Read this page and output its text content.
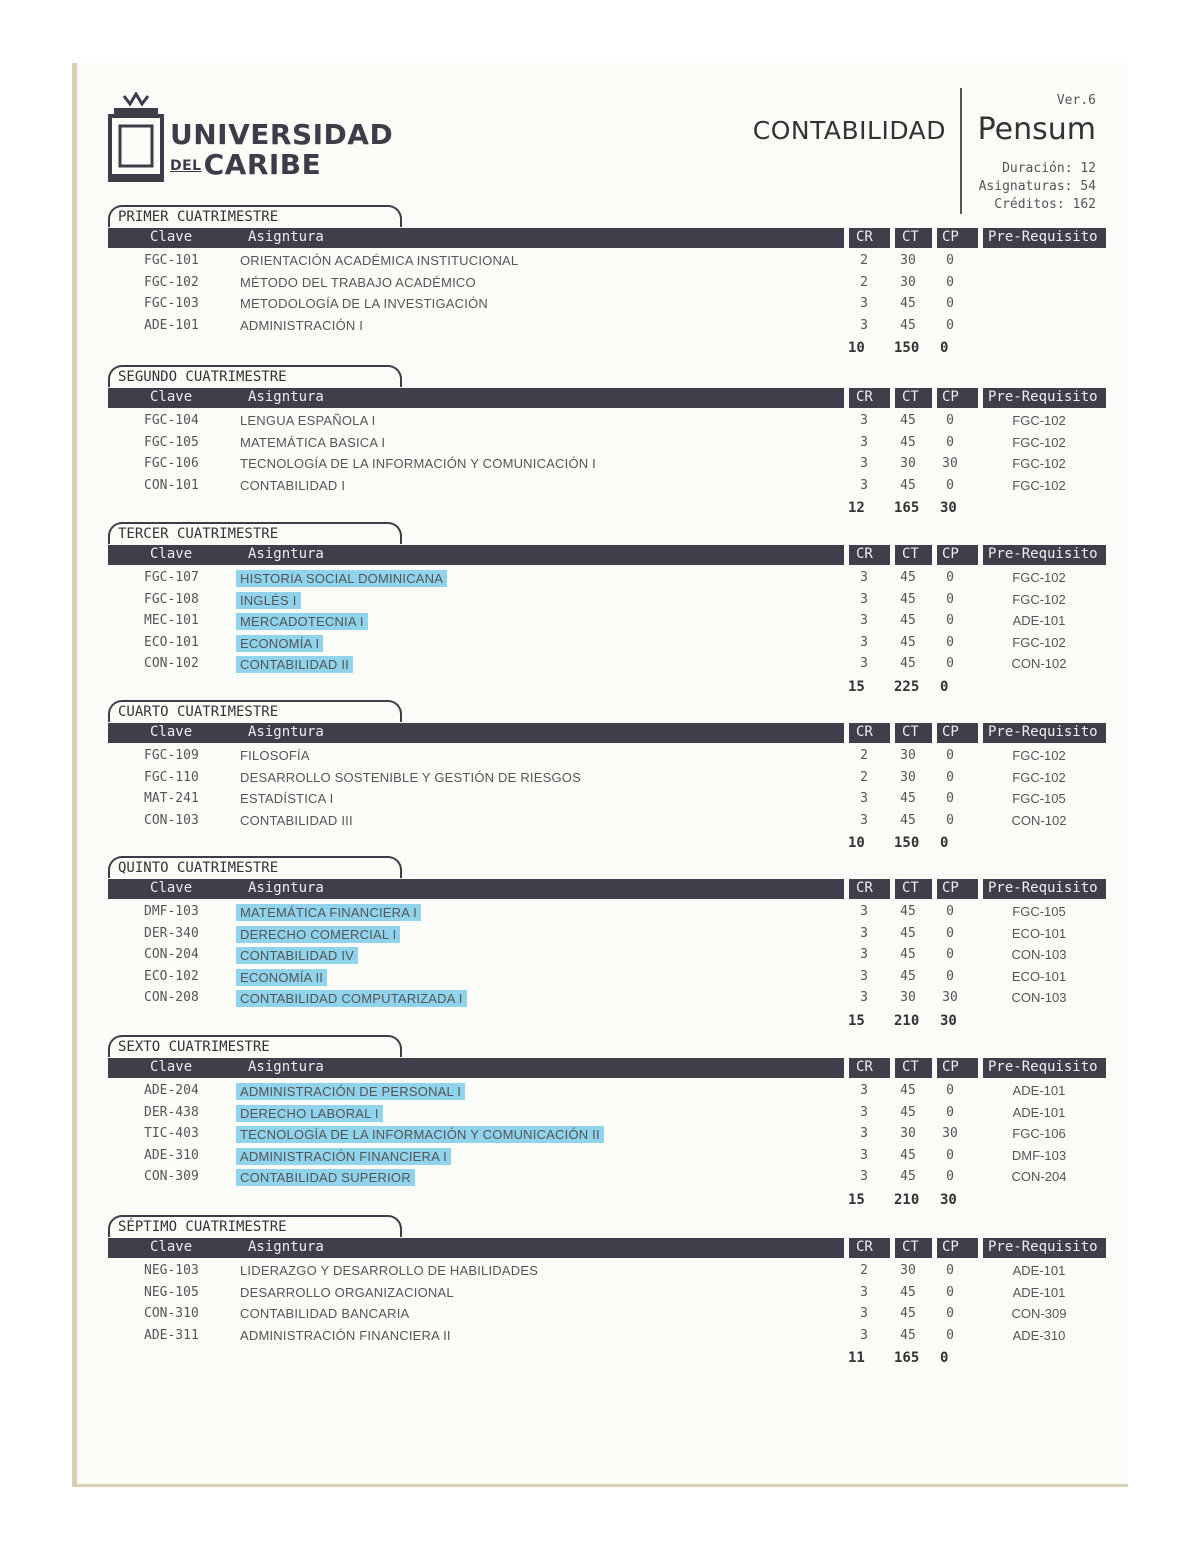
UNIVERSIDAD
DELCARIBE
CONTABILIDAD
Ver.6
Pensum
Duración: 12
Asignaturas: 54
Créditos: 162
PRIMER CUATRIMESTRE
Clave	Asigntura	CR CT CP Pre-Requisito
FGC-101	ORIENTACIÓN ACADÉMICA INSTITUCIONAL	2	30	0
FGC-102	MÉTODO DEL TRABAJO ACADÉMICO	2	30	0
FGC-103	METODOLOGÍA DE LA INVESTIGACIÓN	3	45	0
ADE-101	ADMINISTRACIÓN I	3	45	0
10 150 0
SEGUNDO CUATRIMESTRE
Clave	Asigntura	CR CT CP Pre-Requisito
FGC-104	LENGUA ESPAÑOLA I	3	45	0	FGC-102
FGC-105	MATEMÁTICA BASICA I	3	45	0	FGC-102
FGC-106	TECNOLOGÍA DE LA INFORMACIÓN Y COMUNICACIÓN I	3	30	30	FGC-102
CON-101	CONTABILIDAD I	3	45	0	FGC-102
12 165 30
TERCER CUATRIMESTRE
Clave	Asigntura	CR CT CP Pre-Requisito
FGC-107	HISTORIA SOCIAL DOMINICANA	3	45	0	FGC-102
FGC-108	INGLÉS I	3	45	0	FGC-102
MEC-101	MERCADOTECNIA I	3	45	0	ADE-101
ECO-101	ECONOMÍA I	3	45	0	FGC-102
CON-102	CONTABILIDAD II	3	45	0	CON-102
15 225 0
CUARTO CUATRIMESTRE
Clave	Asigntura	CR CT CP Pre-Requisito
FGC-109	FILOSOFÍA	2	30	0	FGC-102
FGC-110	DESARROLLO SOSTENIBLE Y GESTIÓN DE RIESGOS	2	30	0	FGC-102
MAT-241	ESTADÍSTICA I	3	45	0	FGC-105
CON-103	CONTABILIDAD III	3	45	0	CON-102
10 150 0
QUINTO CUATRIMESTRE
Clave	Asigntura	CR CT CP Pre-Requisito
DMF-103	MATEMÁTICA FINANCIERA I	3	45	0	FGC-105
DER-340	DERECHO COMERCIAL I	3	45	0	ECO-101
CON-204	CONTABILIDAD IV	3	45	0	CON-103
ECO-102	ECONOMÍA II	3	45	0	ECO-101
CON-208	CONTABILIDAD COMPUTARIZADA I	3	30	30	CON-103
15 210 30
SEXTO CUATRIMESTRE
Clave	Asigntura	CR CT CP Pre-Requisito
ADE-204	ADMINISTRACIÓN DE PERSONAL I	3	45	0	ADE-101
DER-438	DERECHO LABORAL I	3	45	0	ADE-101
TIC-403	TECNOLOGÍA DE LA INFORMACIÓN Y COMUNICACIÓN II	3	30	30	FGC-106
ADE-310	ADMINISTRACIÓN FINANCIERA I	3	45	0	DMF-103
CON-309	CONTABILIDAD SUPERIOR	3	45	0	CON-204
15 210 30
SÉPTIMO CUATRIMESTRE
Clave	Asigntura	CR CT CP Pre-Requisito
NEG-103	LIDERAZGO Y DESARROLLO DE HABILIDADES	2	30	0	ADE-101
NEG-105	DESARROLLO ORGANIZACIONAL	3	45	0	ADE-101
CON-310	CONTABILIDAD BANCARIA	3	45	0	CON-309
ADE-311	ADMINISTRACIÓN FINANCIERA II	3	45	0	ADE-310
11 165 0
